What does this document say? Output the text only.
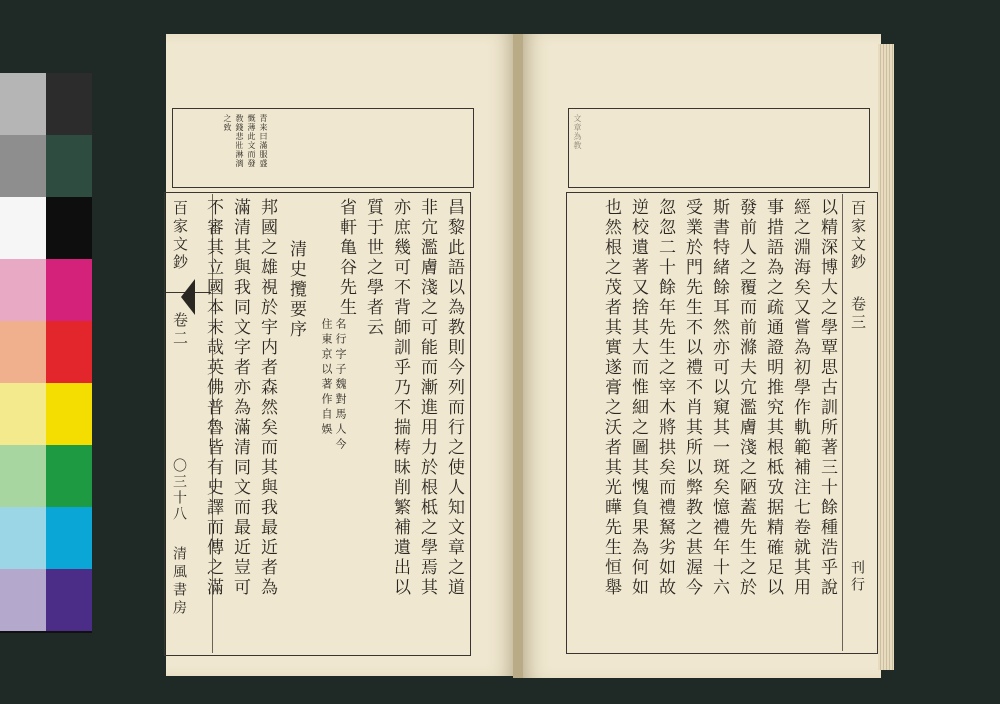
青来曰滿服盛
慨薄此文而發
敎錢悲壯淋漓
之致
昌黎此語以為教則今列而行之使人知文章之道
非宂濫膚淺之可能而漸進用力於根柢之學焉其
亦庶幾可不背師訓乎乃不揣梼昧削繁補遺出以
質于世之學者云
省軒亀谷先生
名行字子魏對馬人今
住東京以著作自娛
清史攬要序
邦國之雄視於宇内者森然矣而其與我最近者為
滿清其與我同文字者亦為滿清同文而最近豈可
不審其立國本末哉英佛普魯皆有史譯而傳之滿
百家文鈔
卷二
〇三十八
清風書房
文章為教
百家文鈔
卷三
刊行
以精深博大之學覃思古訓所著三十餘種浩乎說
經之淵海矣又嘗為初學作軌範補注七卷就其用
事措語為之疏通證明推究其根柢攷据精確足以
發前人之覆而前滌夫宂濫膚淺之陋蓋先生之於
斯書特緒餘耳然亦可以窺其一斑矣憶禮年十六
受業於門先生不以禮不肖其所以弊教之甚渥今
忽忽二十餘年先生之宰木將拱矣而禮駑劣如故
逆校遺著又捨其大而惟細之圖其愧負果為何如
也然根之茂者其實遂膏之沃者其光曄先生恒舉
